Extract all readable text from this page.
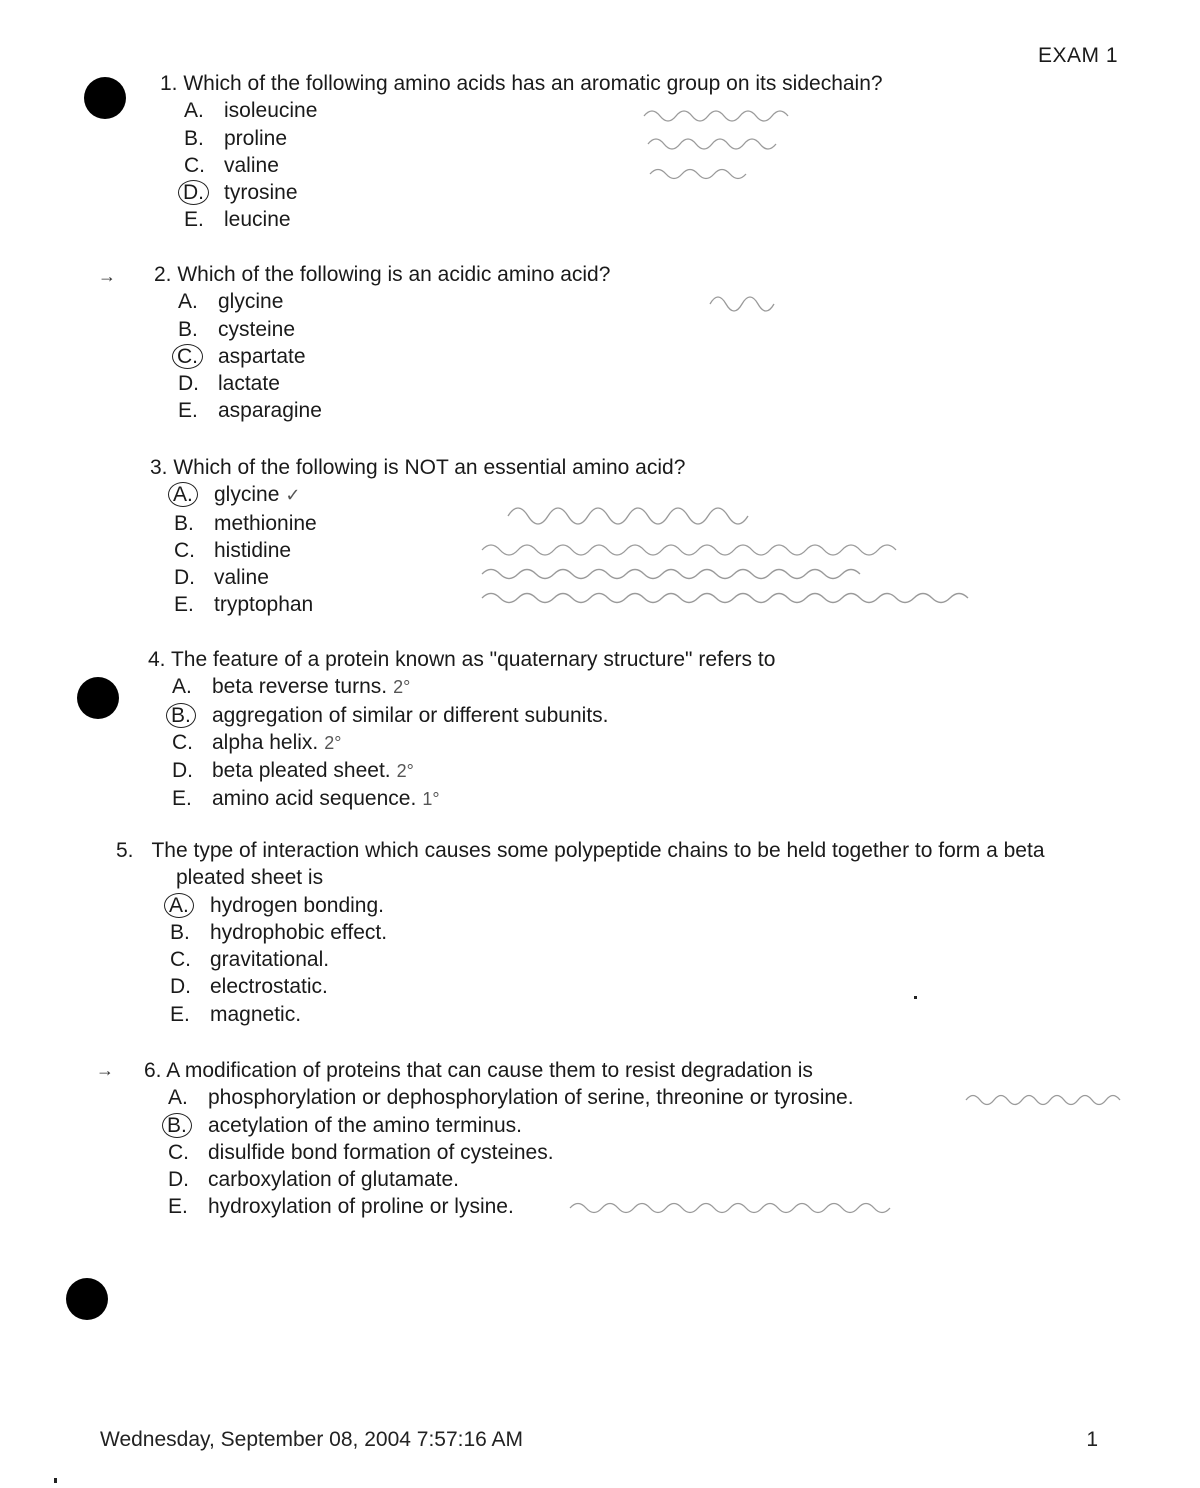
EXAM 1
1. Which of the following amino acids has an aromatic group on its sidechain?
A. isoleucine
B. proline
C. valine
D. tyrosine
E. leucine
→ 2. Which of the following is an acidic amino acid?
A. glycine
B. cysteine
C. aspartate
D. lactate
E. asparagine
3. Which of the following is NOT an essential amino acid?
A. glycine ✓
B. methionine
C. histidine
D. valine
E. tryptophan
4. The feature of a protein known as "quaternary structure" refers to
A. beta reverse turns. 2°
B. aggregation of similar or different subunits.
C. alpha helix. 2°
D. beta pleated sheet. 2°
E. amino acid sequence. 1°
5. The type of interaction which causes some polypeptide chains to be held together to form a beta pleated sheet is
A. hydrogen bonding.
B. hydrophobic effect.
C. gravitational.
D. electrostatic.
E. magnetic.
→ 6. A modification of proteins that can cause them to resist degradation is
A. phosphorylation or dephosphorylation of serine, threonine or tyrosine.
B. acetylation of the amino terminus.
C. disulfide bond formation of cysteines.
D. carboxylation of glutamate.
E. hydroxylation of proline or lysine.
Wednesday, September 08, 2004 7:57:16 AM	1
